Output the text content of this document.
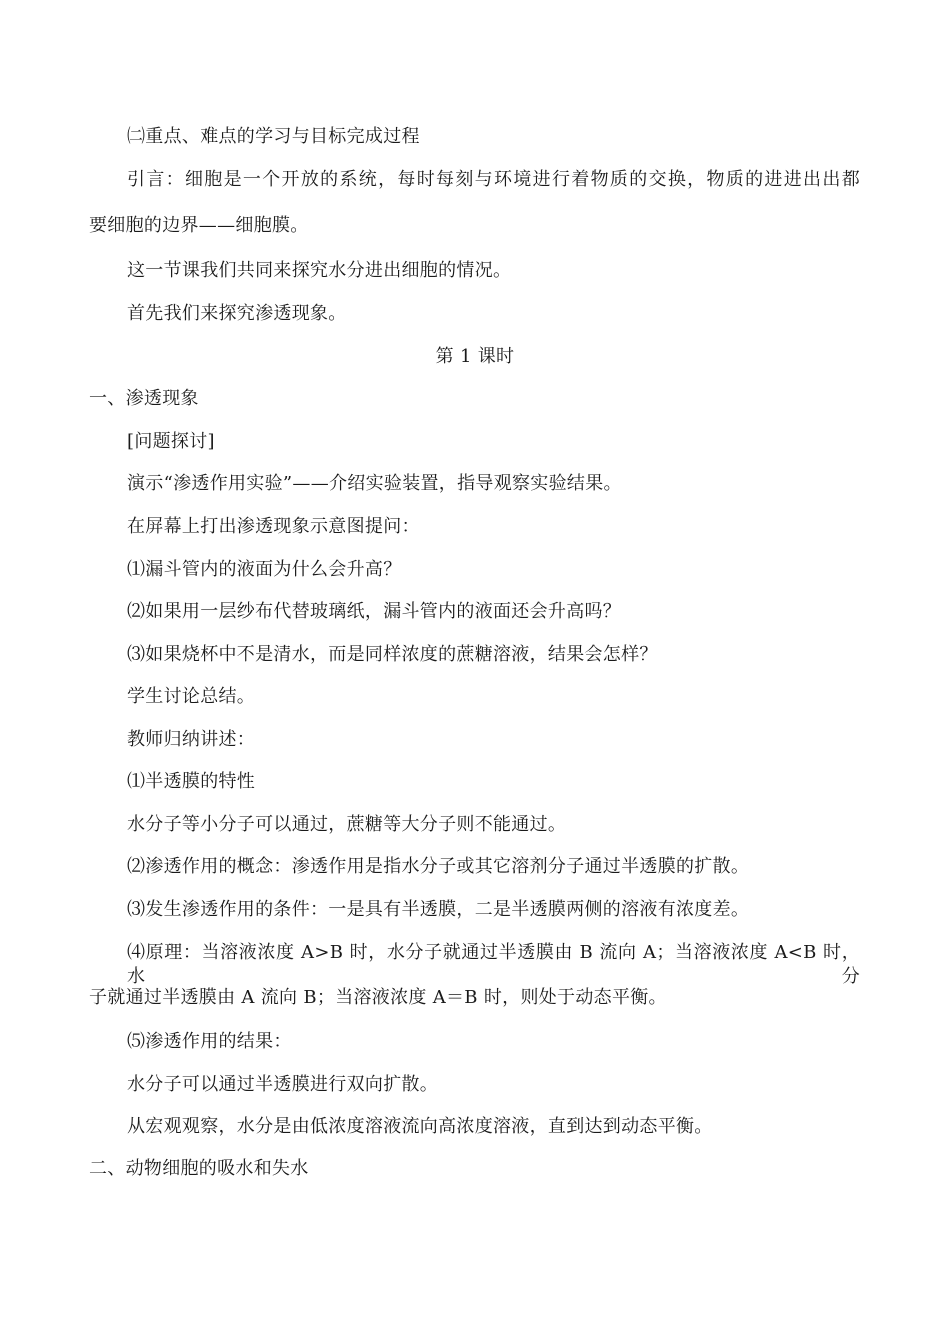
㈡重点、难点的学习与目标完成过程
引言：细胞是一个开放的系统，每时每刻与环境进行着物质的交换，物质的进进出出都
要细胞的边界——细胞膜。
这一节课我们共同来探究水分进出细胞的情况。
首先我们来探究渗透现象。
第 1 课时
一、渗透现象
[问题探讨]
演示“渗透作用实验”——介绍实验装置，指导观察实验结果。
在屏幕上打出渗透现象示意图提问：
⑴漏斗管内的液面为什么会升高？
⑵如果用一层纱布代替玻璃纸，漏斗管内的液面还会升高吗？
⑶如果烧杯中不是清水，而是同样浓度的蔗糖溶液，结果会怎样？
学生讨论总结。
教师归纳讲述：
⑴半透膜的特性
水分子等小分子可以通过，蔗糖等大分子则不能通过。
⑵渗透作用的概念：渗透作用是指水分子或其它溶剂分子通过半透膜的扩散。
⑶发生渗透作用的条件：一是具有半透膜，二是半透膜两侧的溶液有浓度差。
⑷原理：当溶液浓度 A>B 时，水分子就通过半透膜由 B 流向 A；当溶液浓度 A<B 时，水分
子就通过半透膜由 A 流向 B；当溶液浓度 A＝B 时，则处于动态平衡。
⑸渗透作用的结果：
水分子可以通过半透膜进行双向扩散。
从宏观观察，水分是由低浓度溶液流向高浓度溶液，直到达到动态平衡。
二、动物细胞的吸水和失水
